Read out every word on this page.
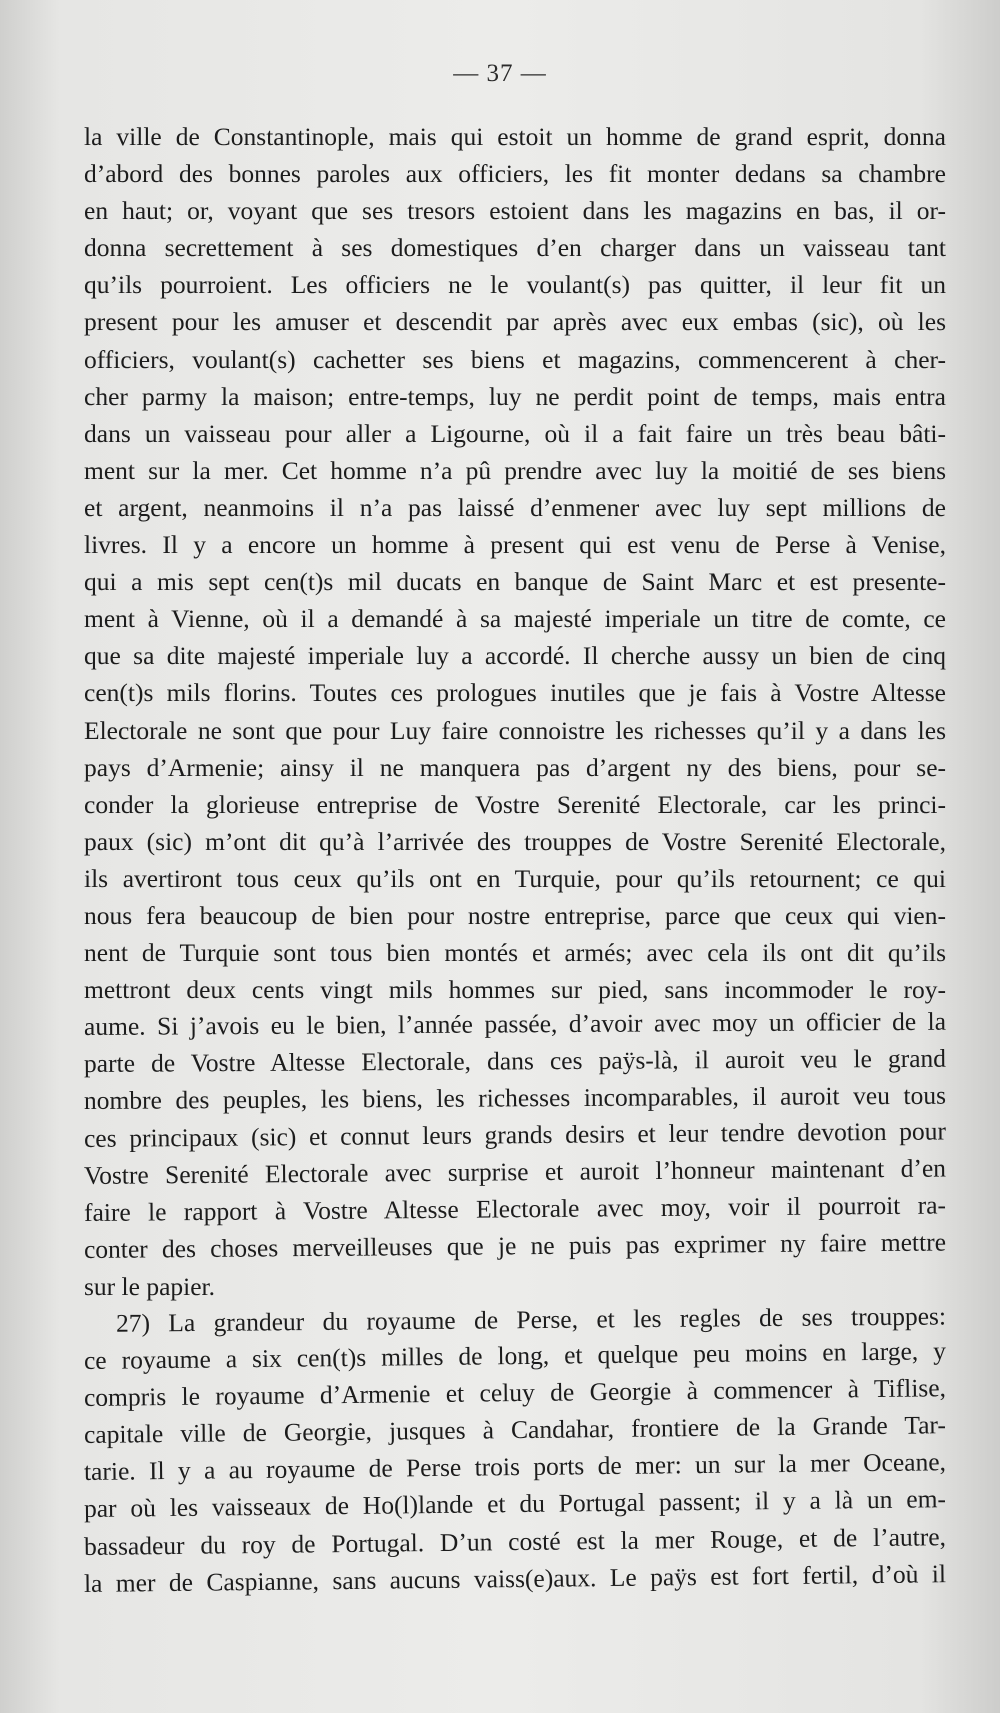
— 37 —
la ville de Constantinople, mais qui estoit un homme de grand esprit, donna
d’abord des bonnes paroles aux officiers, les fit monter dedans sa chambre
en haut; or, voyant que ses tresors estoient dans les magazins en bas, il or-
donna secrettement à ses domestiques d’en charger dans un vaisseau tant
qu’ils pourroient. Les officiers ne le voulant(s) pas quitter, il leur fit un
present pour les amuser et descendit par après avec eux embas (sic), où les
officiers, voulant(s) cachetter ses biens et magazins, commencerent à cher-
cher parmy la maison; entre-temps, luy ne perdit point de temps, mais entra
dans un vaisseau pour aller a Ligourne, où il a fait faire un très beau bâti-
ment sur la mer. Cet homme n’a pû prendre avec luy la moitié de ses biens
et argent, neanmoins il n’a pas laissé d’enmener avec luy sept millions de
livres. Il y a encore un homme à present qui est venu de Perse à Venise,
qui a mis sept cen(t)s mil ducats en banque de Saint Marc et est presente-
ment à Vienne, où il a demandé à sa majesté imperiale un titre de comte, ce
que sa dite majesté imperiale luy a accordé. Il cherche aussy un bien de cinq
cen(t)s mils florins. Toutes ces prologues inutiles que je fais à Vostre Altesse
Electorale ne sont que pour Luy faire connoistre les richesses qu’il y a dans les
pays d’Armenie; ainsy il ne manquera pas d’argent ny des biens, pour se-
conder la glorieuse entreprise de Vostre Serenité Electorale, car les princi-
paux (sic) m’ont dit qu’à l’arrivée des trouppes de Vostre Serenité Electorale,
ils avertiront tous ceux qu’ils ont en Turquie, pour qu’ils retournent; ce qui
nous fera beaucoup de bien pour nostre entreprise, parce que ceux qui vien-
nent de Turquie sont tous bien montés et armés; avec cela ils ont dit qu’ils
mettront deux cents vingt mils hommes sur pied, sans incommoder le roy-
aume. Si j’avois eu le bien, l’année passée, d’avoir avec moy un officier de la
parte de Vostre Altesse Electorale, dans ces paÿs-là, il auroit veu le grand
nombre des peuples, les biens, les richesses incomparables, il auroit veu tous
ces principaux (sic) et connut leurs grands desirs et leur tendre devotion pour
Vostre Serenité Electorale avec surprise et auroit l’honneur maintenant d’en
faire le rapport à Vostre Altesse Electorale avec moy, voir il pourroit ra-
conter des choses merveilleuses que je ne puis pas exprimer ny faire mettre
sur le papier.
27) La grandeur du royaume de Perse, et les regles de ses trouppes:
ce royaume a six cen(t)s milles de long, et quelque peu moins en large, y
compris le royaume d’Armenie et celuy de Georgie à commencer à Tiflise,
capitale ville de Georgie, jusques à Candahar, frontiere de la Grande Tar-
tarie. Il y a au royaume de Perse trois ports de mer: un sur la mer Oceane,
par où les vaisseaux de Ho(l)lande et du Portugal passent; il y a là un em-
bassadeur du roy de Portugal. D’un costé est la mer Rouge, et de l’autre,
la mer de Caspianne, sans aucuns vaiss(e)aux. Le paÿs est fort fertil, d’où il
